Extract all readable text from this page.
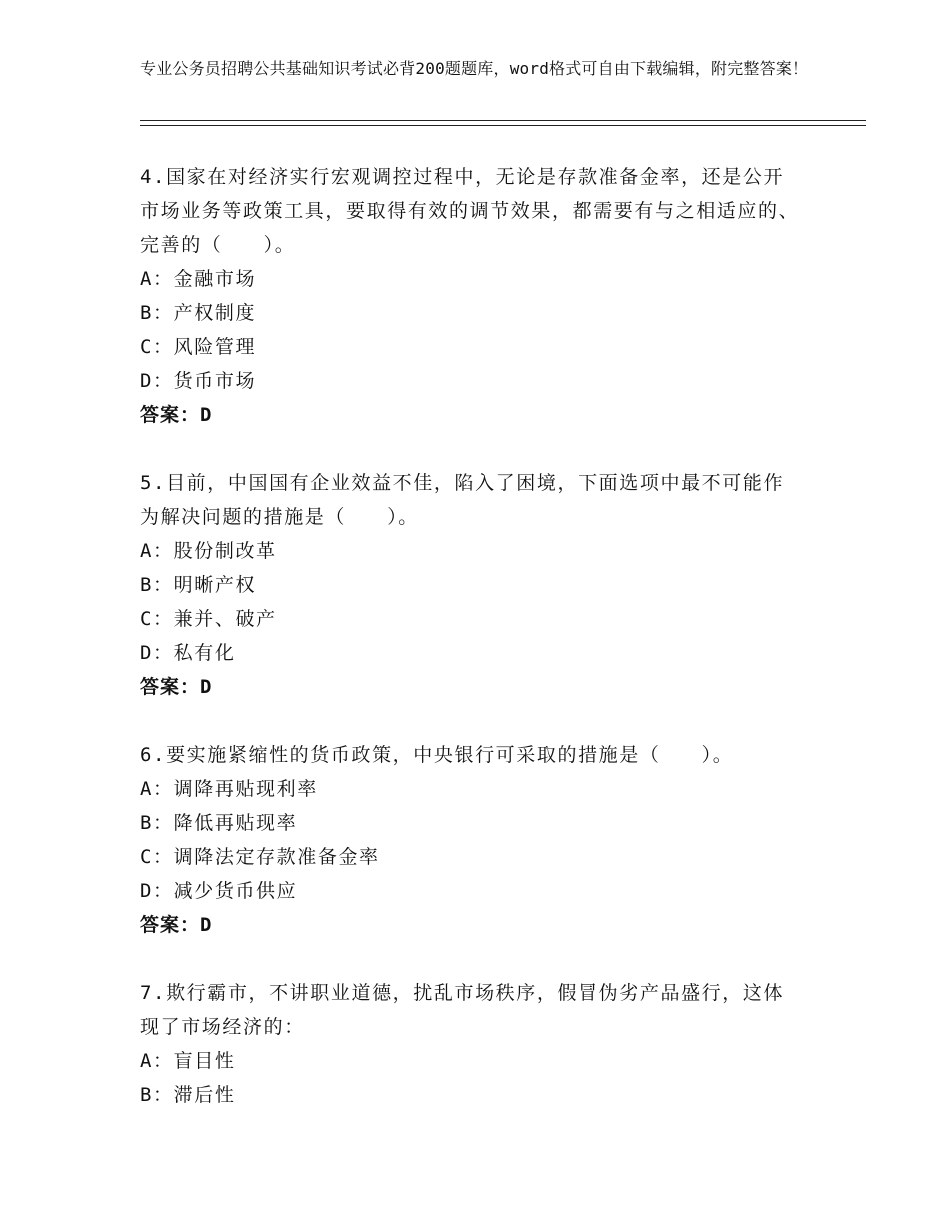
专业公务员招聘公共基础知识考试必背200题题库，word格式可自由下载编辑，附完整答案！
4.国家在对经济实行宏观调控过程中，无论是存款准备金率，还是公开市场业务等政策工具，要取得有效的调节效果，都需要有与之相适应的、完善的（　　）。
A：金融市场
B：产权制度
C：风险管理
D：货币市场
答案：D
5.目前，中国国有企业效益不佳，陷入了困境，下面选项中最不可能作为解决问题的措施是（　　）。
A：股份制改革
B：明晰产权
C：兼并、破产
D：私有化
答案：D
6.要实施紧缩性的货币政策，中央银行可采取的措施是（　　）。
A：调降再贴现利率
B：降低再贴现率
C：调降法定存款准备金率
D：减少货币供应
答案：D
7.欺行霸市，不讲职业道德，扰乱市场秩序，假冒伪劣产品盛行，这体现了市场经济的：
A：盲目性
B：滞后性
